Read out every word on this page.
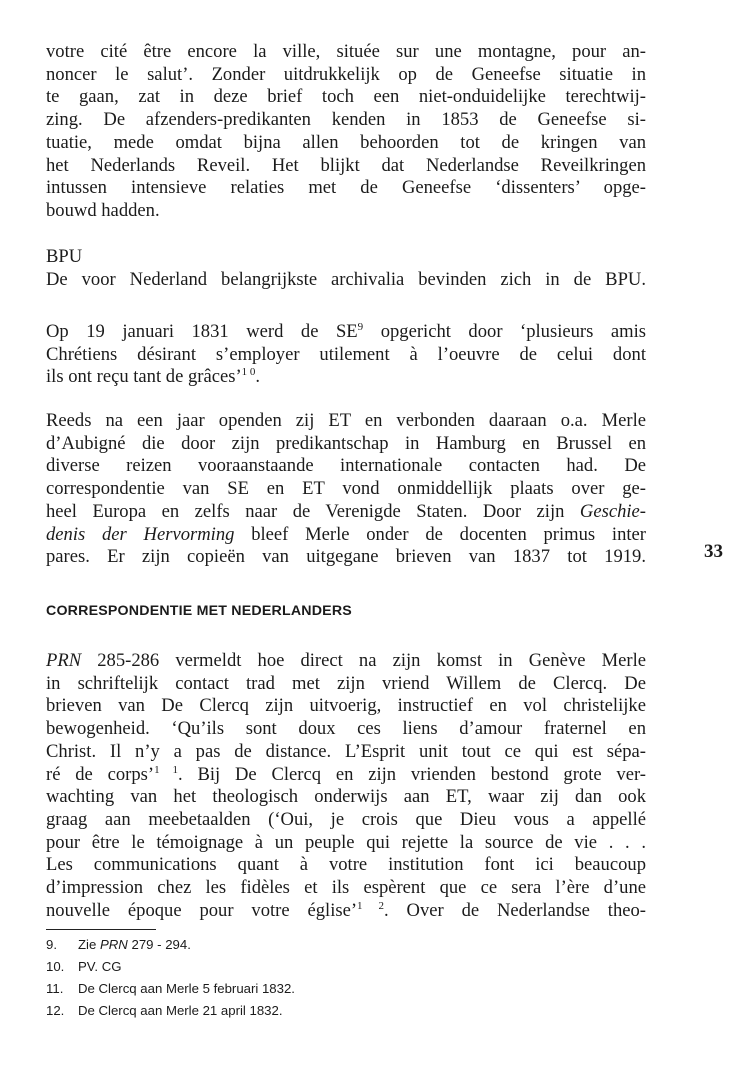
votre cité être encore la ville, située sur une montagne, pour an-
noncer le salut’. Zonder uitdrukkelijk op de Geneefse situatie in
te gaan, zat in deze brief toch een niet-onduidelijke terechtwij-
zing. De afzenders-predikanten kenden in 1853 de Geneefse si-
tuatie, mede omdat bijna allen behoorden tot de kringen van
het Nederlands Reveil. Het blijkt dat Nederlandse Reveilkringen
intussen intensieve relaties met de Geneefse ‘dissenters’ opge-
bouwd hadden.

BPU
De voor Nederland belangrijkste archivalia bevinden zich in de BPU.

Op 19 januari 1831 werd de $SE^9$ opgericht door ‘plusieurs amis
Chrétiens désirant s’employer utilement à l’oeuvre de celui dont
ils ont reçu tant de grâces’$^{1 0}$.

Reeds na een jaar openden zij ET en verbonden daaraan o.a. Merle
d’Aubigné die door zijn predikantschap in Hamburg en Brussel en
diverse reizen vooraanstaande internationale contacten had. De
correspondentie van SE en ET vond onmiddellijk plaats over ge-
heel Europa en zelfs naar de Verenigde Staten. Door zijn Geschie-
denis der Hervorming bleef Merle onder de docenten primus inter
pares. Er zijn copieën van uitgegane brieven van 1837 tot 1919.	33
CORRESPONDENTIE MET NEDERLANDERS

PRN 285-286 vermeldt hoe direct na zijn komst in Genève Merle
in schriftelijk contact trad met zijn vriend Willem de Clercq. De
brieven van De Clercq zijn uitvoerig, instructief en vol christelijke
bewogenheid. ‘Qu’ils sont doux ces liens d’amour fraternel en
Christ. Il n’y a pas de distance. L’Esprit unit tout ce qui est sépa-
ré de corps’$^{1 1}$. Bij De Clercq en zijn vrienden bestond grote ver-
wachting van het theologisch onderwijs aan ET, waar zij dan ook
graag aan meebetaalden (‘Oui, je crois que Dieu vous a appellé
pour être le témoignage à un peuple qui rejette la source de vie . . .
Les communications quant à votre institution font ici beaucoup
d’impression chez les fidèles et ils espèrent que ce sera l’ère d’une
nouvelle époque pour votre église’$^{1 2}$. Over de Nederlandse theo-

9. Zie PRN 279 - 294.
10. PV. CG
11. De Clercq aan Merle 5 februari 1832.
12. De Clercq aan Merle 21 april 1832.
